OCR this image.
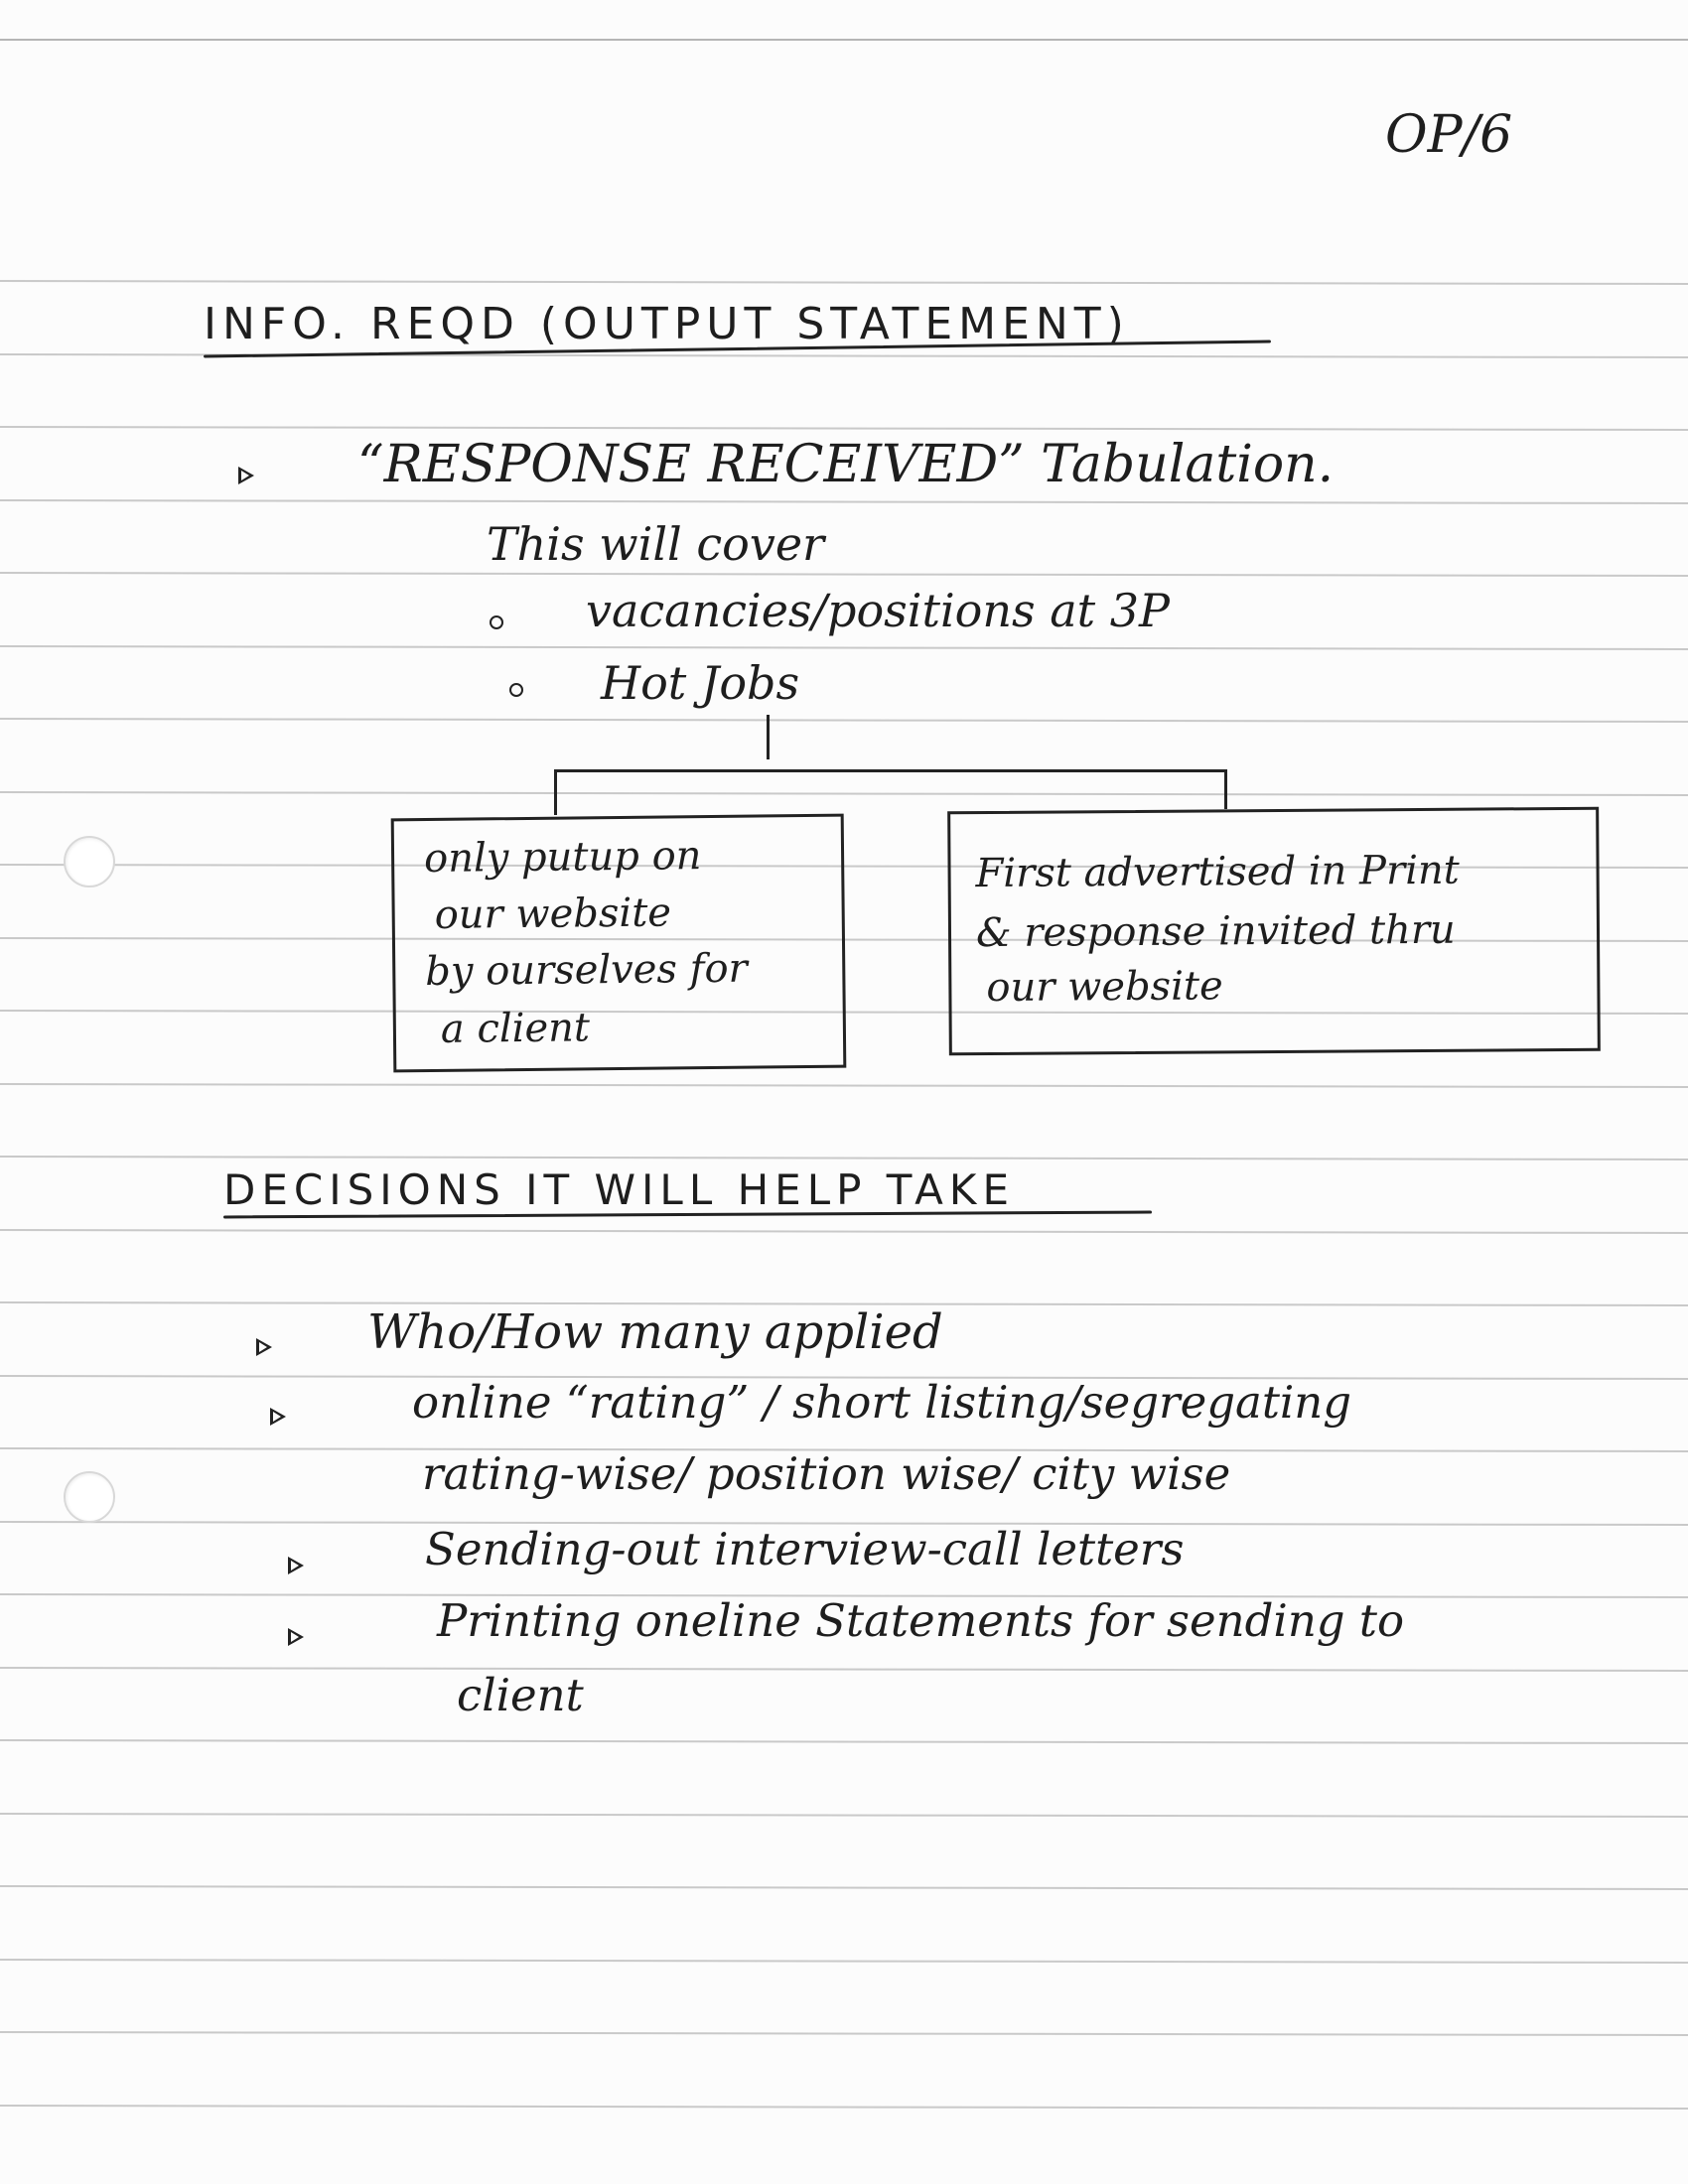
OP/6
INFO. REQD (OUTPUT STATEMENT)
“RESPONSE RECEIVED” Tabulation.
This will cover
vacancies/positions at 3P
Hot Jobs
only putup on
our website
by ourselves for
a client
First advertised in Print
& response invited thru
our website
DECISIONS IT WILL HELP TAKE
Who/How many applied
online “rating” / short listing/segregating
rating-wise/ position wise/ city wise
Sending-out interview-call letters
Printing oneline Statements for sending to
client
